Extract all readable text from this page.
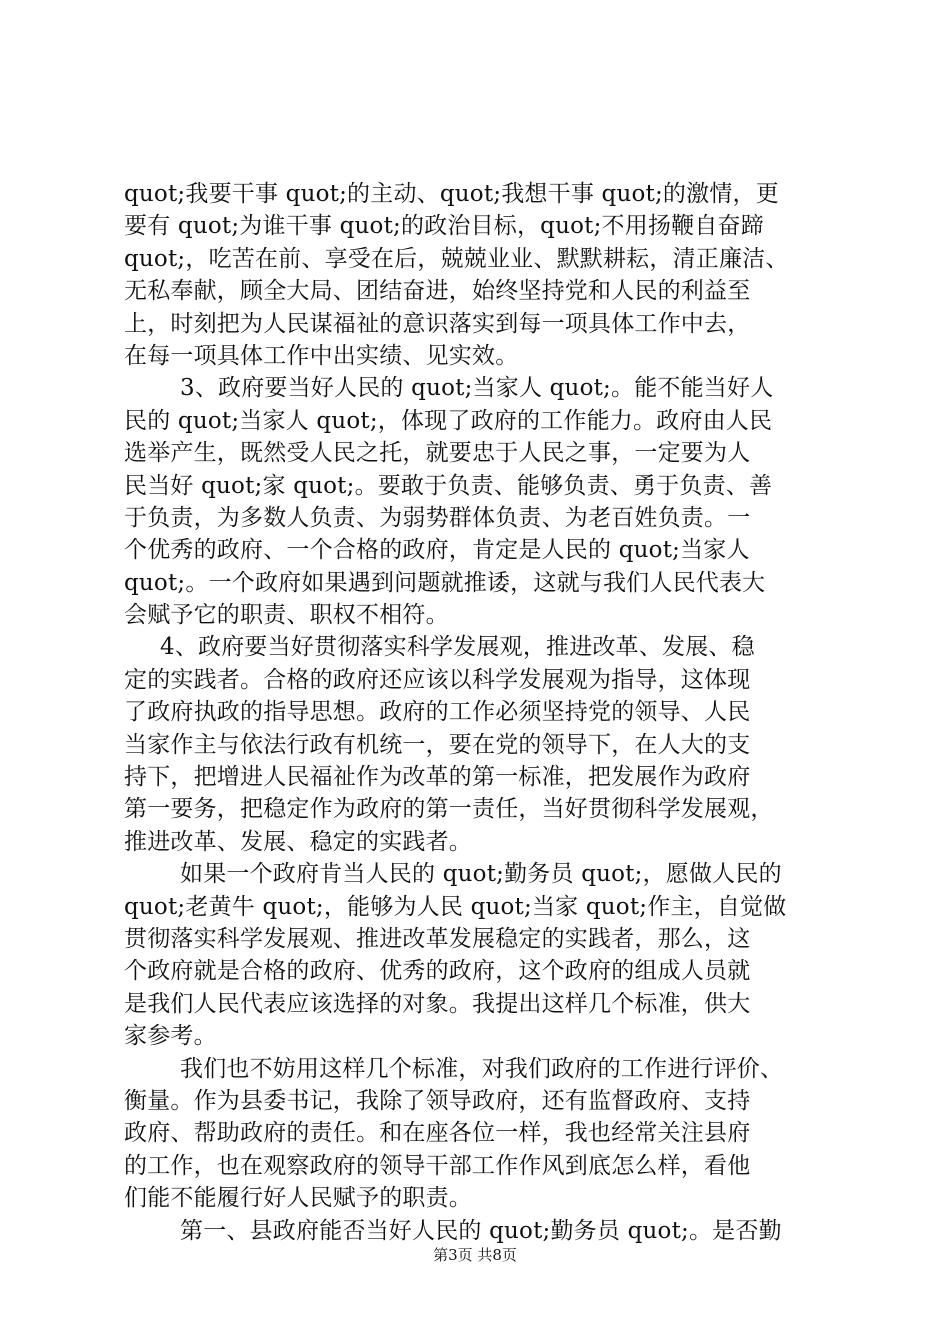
quot;我要干事 quot;的主动、quot;我想干事 quot;的激情，更
要有 quot;为谁干事 quot;的政治目标，quot;不用扬鞭自奋蹄
quot;，吃苦在前、享受在后，兢兢业业、默默耕耘，清正廉洁、
无私奉献，顾全大局、团结奋进，始终坚持党和人民的利益至
上，时刻把为人民谋福祉的意识落实到每一项具体工作中去，
在每一项具体工作中出实绩、见实效。
3、政府要当好人民的 quot;当家人 quot;。能不能当好人
民的 quot;当家人 quot;，体现了政府的工作能力。政府由人民
选举产生，既然受人民之托，就要忠于人民之事，一定要为人
民当好 quot;家 quot;。要敢于负责、能够负责、勇于负责、善
于负责，为多数人负责、为弱势群体负责、为老百姓负责。一
个优秀的政府、一个合格的政府，肯定是人民的 quot;当家人
quot;。一个政府如果遇到问题就推诿，这就与我们人民代表大
会赋予它的职责、职权不相符。
4、政府要当好贯彻落实科学发展观，推进改革、发展、稳
定的实践者。合格的政府还应该以科学发展观为指导，这体现
了政府执政的指导思想。政府的工作必须坚持党的领导、人民
当家作主与依法行政有机统一，要在党的领导下，在人大的支
持下，把增进人民福祉作为改革的第一标准，把发展作为政府
第一要务，把稳定作为政府的第一责任，当好贯彻科学发展观，
推进改革、发展、稳定的实践者。
如果一个政府肯当人民的 quot;勤务员 quot;，愿做人民的
quot;老黄牛 quot;，能够为人民 quot;当家 quot;作主，自觉做
贯彻落实科学发展观、推进改革发展稳定的实践者，那么，这
个政府就是合格的政府、优秀的政府，这个政府的组成人员就
是我们人民代表应该选择的对象。我提出这样几个标准，供大
家参考。
我们也不妨用这样几个标准，对我们政府的工作进行评价、
衡量。作为县委书记，我除了领导政府，还有监督政府、支持
政府、帮助政府的责任。和在座各位一样，我也经常关注县府
的工作，也在观察政府的领导干部工作作风到底怎么样，看他
们能不能履行好人民赋予的职责。
第一、县政府能否当好人民的 quot;勤务员 quot;。是否勤
第3页 共8页
